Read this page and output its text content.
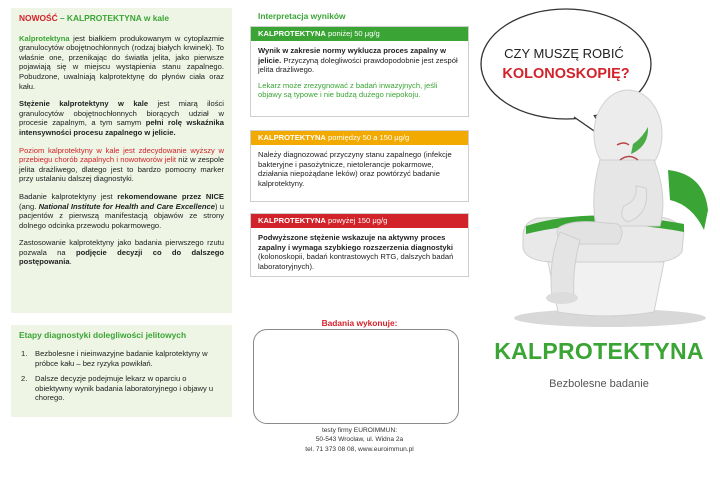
NOWOŚĆ – KALPROTEKTYNA w kale

Kalprotektyna jest białkiem produkowanym w cytoplazmie granulocytów obojętnochłonnych (rodzaj białych krwinek). To właśnie one, przenikając do światła jelita, jako pierwsze pojawiają się w miejscu wystąpienia stanu zapalnego. Pobudzone, uwalniają kalprotektynę do płynów ciała oraz kału.

Stężenie kalprotektyny w kale jest miarą ilości granulocytów obojętnochłonnych biorących udział w procesie zapalnym, a tym samym pełni rolę wskaźnika intensywności procesu zapalnego w jelicie.

Poziom kalprotektyny w kale jest zdecydowanie wyższy w przebiegu chorób zapalnych i nowotworów jelit niż w zespole jelita drażliwego, dlatego jest to bardzo pomocny marker przy ustalaniu dalszej diagnostyki.

Badanie kalprotektyny jest rekomendowane przez NICE (ang. National Institute for Health and Care Excellence) u pacjentów z pierwszą manifestacją objawów ze strony dolnego odcinka przewodu pokarmowego.

Zastosowanie kalprotektyny jako badania pierwszego rzutu pozwala na podjęcie decyzji co do dalszego postępowania.

Etapy diagnostyki dolegliwości jelitowych
1.	Bezbolesne i nieinwazyjne badanie kalprotektyny w próbce kału – bez ryzyka powikłań.
2.	Dalsze decyzje podejmuje lekarz w oparciu o obiektywny wynik badania laboratoryjnego i objawy u chorego.
Interpretacja wyników
KALPROTEKTYNA poniżej 50 μg/g

Wynik w zakresie normy wyklucza proces zapalny w jelicie. Przyczyną dolegliwości prawdopodobnie jest zespół jelita drażliwego.

Lekarz może zrezygnować z badań inwazyjnych, jeśli objawy są typowe i nie budzą dużego niepokoju.

KALPROTEKTYNA pomiędzy 50 a 150 μg/g

Należy diagnozować przyczyny stanu zapalnego (infekcje bakteryjne i pasożytnicze, nietolerancje pokarmowe, działania niepożądane leków) oraz powtórzyć badanie kalprotektyny.

KALPROTEKTYNA powyżej 150 μg/g

Podwyższone stężenie wskazuje na aktywny proces zapalny i wymaga szybkiego rozszerzenia diagnostyki (kolonoskopii, badań kontrastowych RTG, dalszych badań laboratoryjnych).

Badania wykonuje:
testy firmy EUROIMMUN:
50-543 Wrocław, ul. Widna 2a
tel. 71 373 08 08, www.euroimmun.pl
CZY MUSZĘ ROBIĆ
KOLONOSKOPIĘ?
KALPROTEKTYNA
Bezbolesne badanie
